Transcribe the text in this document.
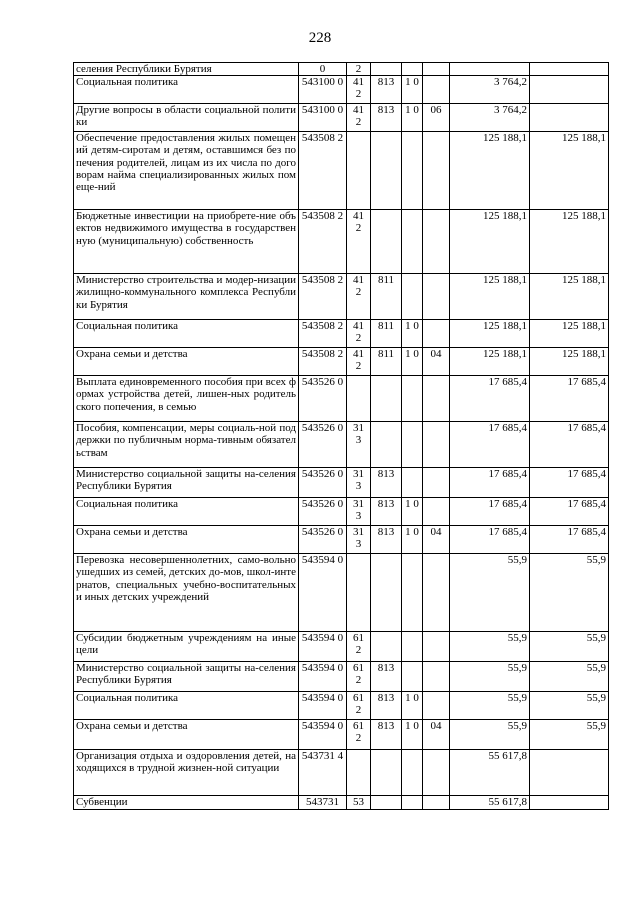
228
селения Республики Бурятия	0	2					
Социальная политика	543100 0	41 2	813	1 0		3 764,2	
Другие вопросы в области социальной политики	543100 0	41 2	813	1 0	06	3 764,2	
Обеспечение предоставления жилых помещений детям-сиротам и детям, оставшимся без попечения родителей, лицам из их числа по договорам найма специализированных жилых помеще-ний	543508 2					125 188,1	125 188,1
Бюджетные инвестиции на приобрете-ние объектов недвижимого имущества в государственную (муниципальную) собственность	543508 2	41 2				125 188,1	125 188,1
Министерство строительства и модер-низации жилищно-коммунального комплекса Республики Бурятия	543508 2	41 2	811			125 188,1	125 188,1
Социальная политика	543508 2	41 2	811	1 0		125 188,1	125 188,1
Охрана семьи и детства	543508 2	41 2	811	1 0	04	125 188,1	125 188,1
Выплата единовременного пособия при всех формах устройства детей, лишен-ных родительского попечения, в семью	543526 0					17 685,4	17 685,4
Пособия, компенсации, меры социаль-ной поддержки по публичным норма-тивным обязательствам	543526 0	31 3				17 685,4	17 685,4
Министерство социальной защиты на-селения Республики Бурятия	543526 0	31 3	813			17 685,4	17 685,4
Социальная политика	543526 0	31 3	813	1 0		17 685,4	17 685,4
Охрана семьи и детства	543526 0	31 3	813	1 0	04	17 685,4	17 685,4
Перевозка несовершеннолетних, само-вольно ушедших из семей, детских до-мов, школ-интернатов, специальных учебно-воспитательных и иных детских учреждений	543594 0					55,9	55,9
Субсидии бюджетным учреждениям на иные цели	543594 0	61 2				55,9	55,9
Министерство социальной защиты на-селения Республики Бурятия	543594 0	61 2	813			55,9	55,9
Социальная политика	543594 0	61 2	813	1 0		55,9	55,9
Охрана семьи и детства	543594 0	61 2	813	1 0	04	55,9	55,9
Организация отдыха и оздоровления детей, находящихся в трудной жизнен-ной ситуации	543731 4					55 617,8	
Субвенции	543731	53				55 617,8	
